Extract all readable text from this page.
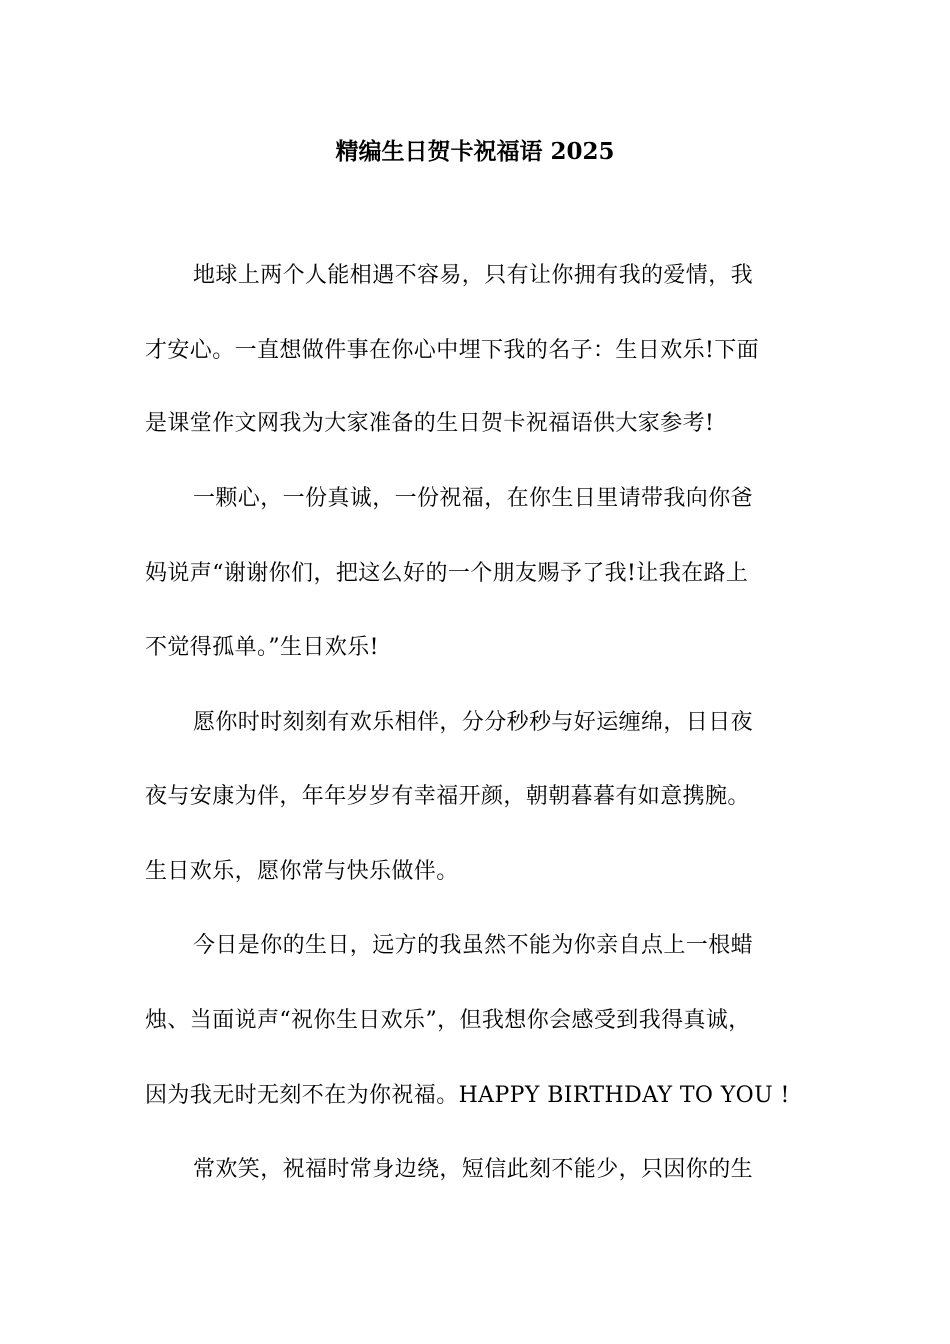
精编生日贺卡祝福语 2025
地球上两个人能相遇不容易，只有让你拥有我的爱情，我
才安心。一直想做件事在你心中埋下我的名子：生日欢乐!下面
是课堂作文网我为大家准备的生日贺卡祝福语供大家参考!
一颗心，一份真诚，一份祝福，在你生日里请带我向你爸
妈说声“谢谢你们，把这么好的一个朋友赐予了我!让我在路上
不觉得孤单。”生日欢乐!
愿你时时刻刻有欢乐相伴，分分秒秒与好运缠绵，日日夜
夜与安康为伴，年年岁岁有幸福开颜，朝朝暮暮有如意携腕。
生日欢乐，愿你常与快乐做伴。
今日是你的生日，远方的我虽然不能为你亲自点上一根蜡
烛、当面说声“祝你生日欢乐”，但我想你会感受到我得真诚，
因为我无时无刻不在为你祝福。HAPPY BIRTHDAY TO YOU !
常欢笑，祝福时常身边绕，短信此刻不能少，只因你的生
